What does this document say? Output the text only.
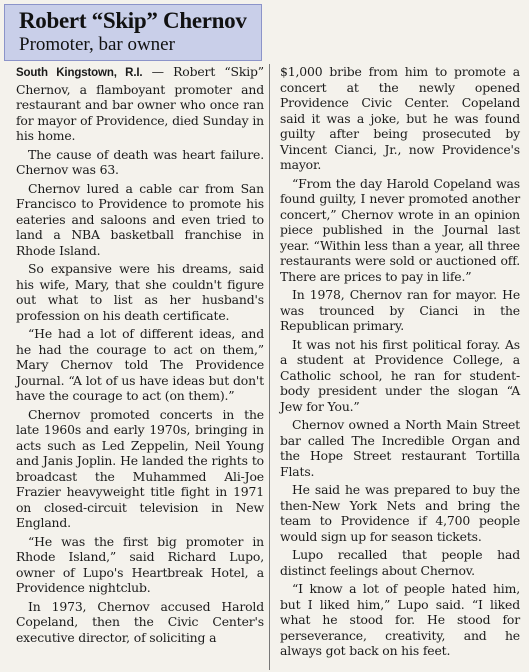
Robert “Skip” Chernov

Promoter, bar owner

South Kingstown, R.I. — Robert “Skip” Chernov, a flamboyant promoter and restaurant and bar owner who once ran for mayor of Providence, died Sunday in his home.

The cause of death was heart failure. Chernov was 63.

Chernov lured a cable car from San Francisco to Providence to promote his eateries and saloons and even tried to land a NBA basketball franchise in Rhode Island.

So expansive were his dreams, said his wife, Mary, that she couldn't figure out what to list as her husband's profession on his death certificate.

“He had a lot of different ideas, and he had the courage to act on them,” Mary Chernov told The Providence Journal. “A lot of us have ideas but don't have the courage to act (on them).”

Chernov promoted concerts in the late 1960s and early 1970s, bringing in acts such as Led Zeppelin, Neil Young and Janis Joplin. He landed the rights to broadcast the Muhammed Ali-Joe Frazier heavyweight title fight in 1971 on closed-circuit television in New England.

“He was the first big promoter in Rhode Island,” said Richard Lupo, owner of Lupo's Heartbreak Hotel, a Providence nightclub.

In 1973, Chernov accused Harold Copeland, then the Civic Center's executive director, of soliciting a

$1,000 bribe from him to promote a concert at the newly opened Providence Civic Center. Copeland said it was a joke, but he was found guilty after being prosecuted by Vincent Cianci, Jr., now Providence's mayor.

“From the day Harold Copeland was found guilty, I never promoted another concert,” Chernov wrote in an opinion piece published in the Journal last year. “Within less than a year, all three restaurants were sold or auctioned off. There are prices to pay in life.”

In 1978, Chernov ran for mayor. He was trounced by Cianci in the Republican primary.

It was not his first political foray. As a student at Providence College, a Catholic school, he ran for student-body president under the slogan “A Jew for You.”

Chernov owned a North Main Street bar called The Incredible Organ and the Hope Street restaurant Tortilla Flats.

He said he was prepared to buy the then-New York Nets and bring the team to Providence if 4,700 people would sign up for season tickets.

Lupo recalled that people had distinct feelings about Chernov.

“I know a lot of people hated him, but I liked him,” Lupo said. “I liked what he stood for. He stood for perseverance, creativity, and he always got back on his feet.
